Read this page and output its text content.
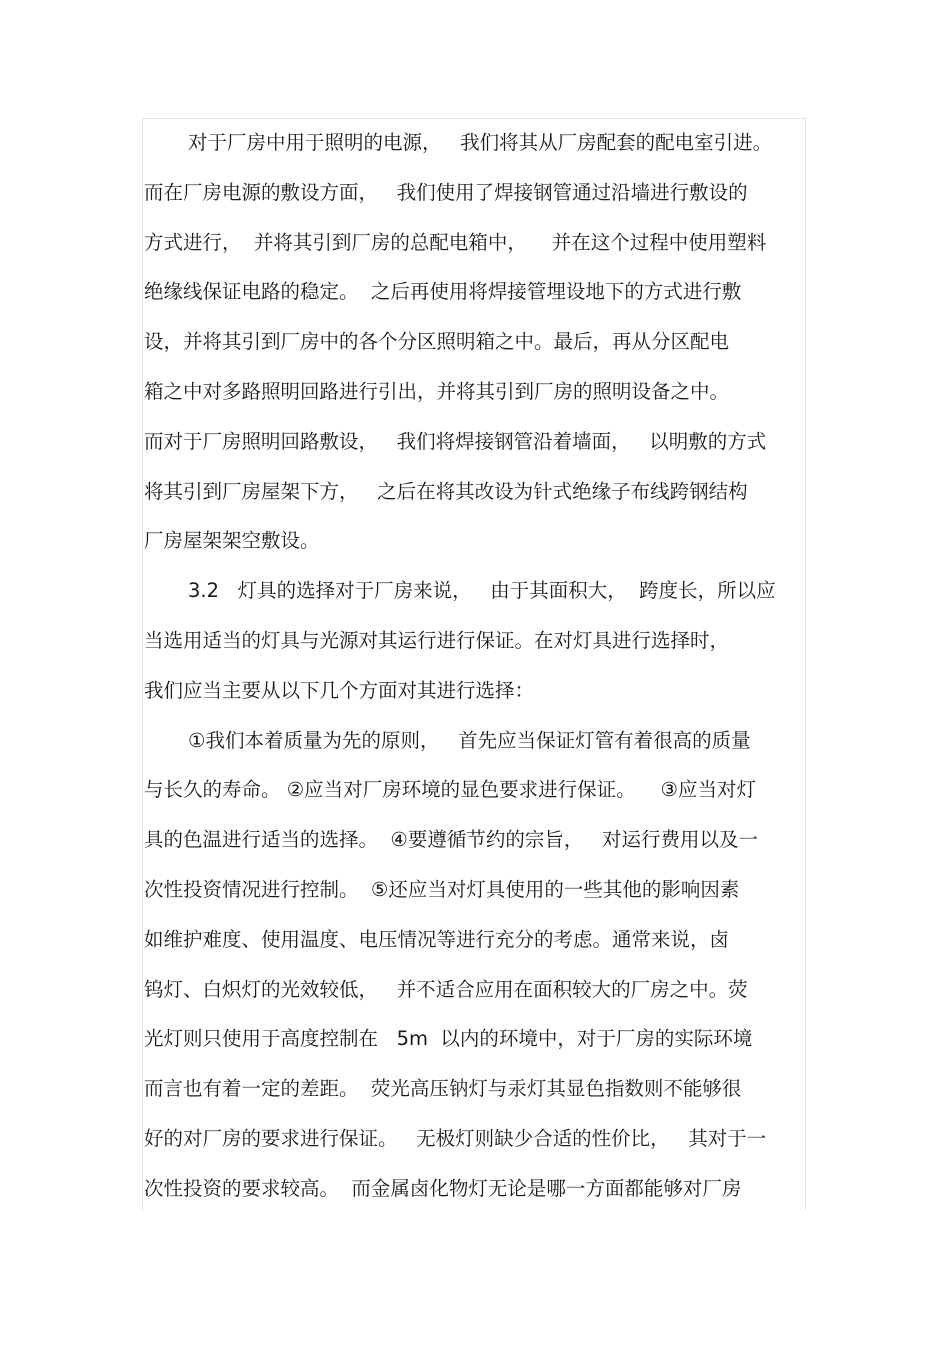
对于厂房中用于照明的电源，   我们将其从厂房配套的配电室引进。
而在厂房电源的敷设方面，   我们使用了焊接钢管通过沿墙进行敷设的
方式进行，  并将其引到厂房的总配电箱中，    并在这个过程中使用塑料
绝缘线保证电路的稳定。  之后再使用将焊接管埋设地下的方式进行敷
设，并将其引到厂房中的各个分区照明箱之中。最后，再从分区配电
箱之中对多路照明回路进行引出，并将其引到厂房的照明设备之中。
而对于厂房照明回路敷设，   我们将焊接钢管沿着墙面，   以明敷的方式
将其引到厂房屋架下方，   之后在将其改设为针式绝缘子布线跨钢结构
厂房屋架架空敷设。
3.2   灯具的选择对于厂房来说，   由于其面积大，  跨度长，所以应
当选用适当的灯具与光源对其运行进行保证。在对灯具进行选择时，
我们应当主要从以下几个方面对其进行选择：
①我们本着质量为先的原则，   首先应当保证灯管有着很高的质量
与长久的寿命。 ②应当对厂房环境的显色要求进行保证。    ③应当对灯
具的色温进行适当的选择。  ④要遵循节约的宗旨，   对运行费用以及一
次性投资情况进行控制。  ⑤还应当对灯具使用的一些其他的影响因素
如维护难度、使用温度、电压情况等进行充分的考虑。通常来说，卤
钨灯、白炽灯的光效较低，   并不适合应用在面积较大的厂房之中。荧
光灯则只使用于高度控制在   5m  以内的环境中，对于厂房的实际环境
而言也有着一定的差距。  荧光高压钠灯与汞灯其显色指数则不能够很
好的对厂房的要求进行保证。   无极灯则缺少合适的性价比，   其对于一
次性投资的要求较高。  而金属卤化物灯无论是哪一方面都能够对厂房
